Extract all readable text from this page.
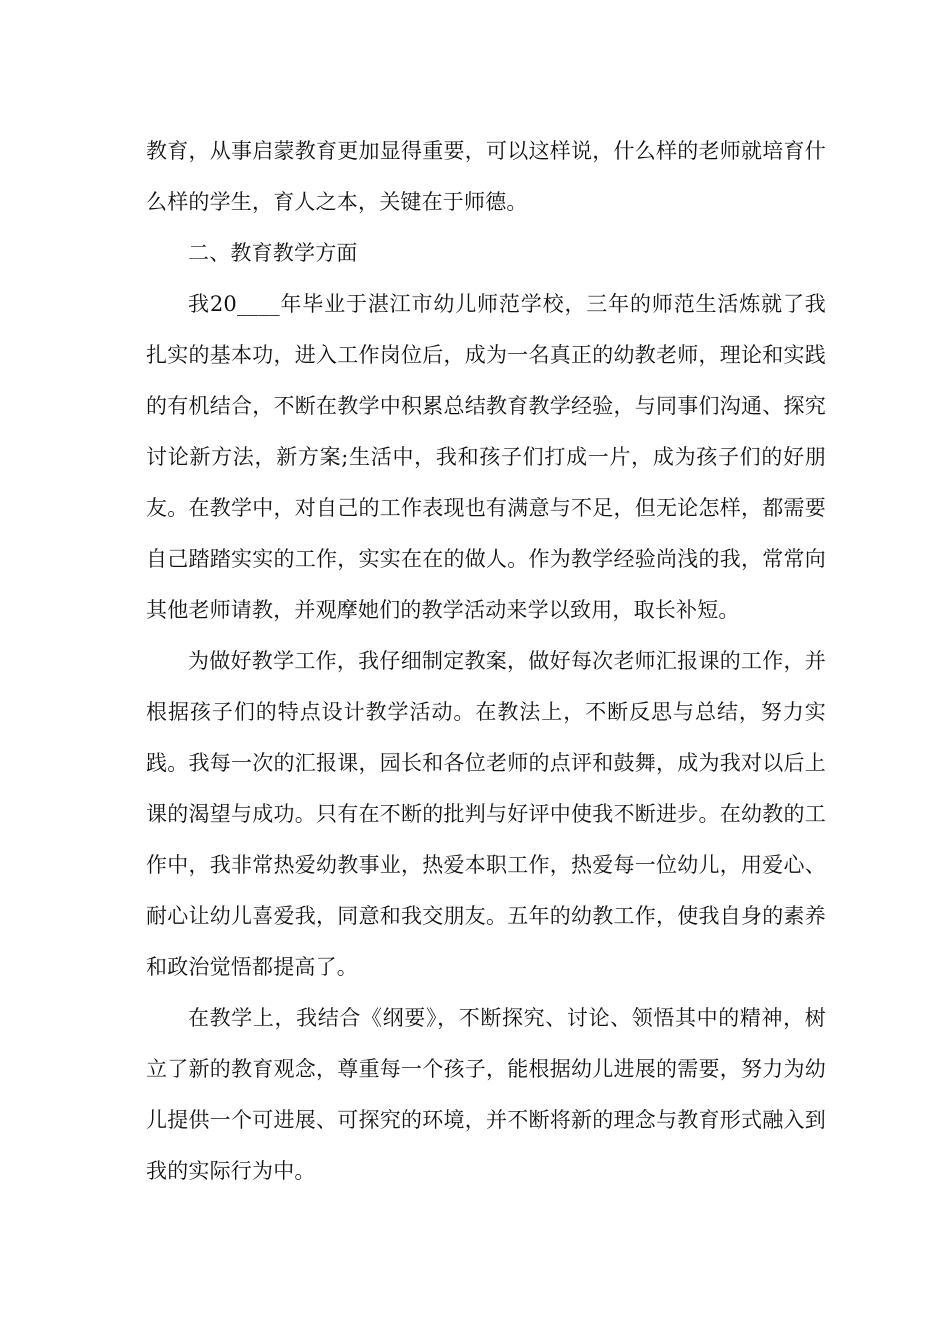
教育，从事启蒙教育更加显得重要，可以这样说，什么样的老师就培育什么样的学生，育人之本，关键在于师德。

二、教育教学方面

我20____年毕业于湛江市幼儿师范学校，三年的师范生活炼就了我扎实的基本功，进入工作岗位后，成为一名真正的幼教老师，理论和实践的有机结合，不断在教学中积累总结教育教学经验，与同事们沟通、探究讨论新方法，新方案;生活中，我和孩子们打成一片，成为孩子们的好朋友。在教学中，对自己的工作表现也有满意与不足，但无论怎样，都需要自己踏踏实实的工作，实实在在的做人。作为教学经验尚浅的我，常常向其他老师请教，并观摩她们的教学活动来学以致用，取长补短。

为做好教学工作，我仔细制定教案，做好每次老师汇报课的工作，并根据孩子们的特点设计教学活动。在教法上，不断反思与总结，努力实践。我每一次的汇报课，园长和各位老师的点评和鼓舞，成为我对以后上课的渴望与成功。只有在不断的批判与好评中使我不断进步。在幼教的工作中，我非常热爱幼教事业，热爱本职工作，热爱每一位幼儿，用爱心、耐心让幼儿喜爱我，同意和我交朋友。五年的幼教工作，使我自身的素养和政治觉悟都提高了。

在教学上，我结合《纲要》，不断探究、讨论、领悟其中的精神，树立了新的教育观念，尊重每一个孩子，能根据幼儿进展的需要，努力为幼儿提供一个可进展、可探究的环境，并不断将新的理念与教育形式融入到我的实际行为中。
